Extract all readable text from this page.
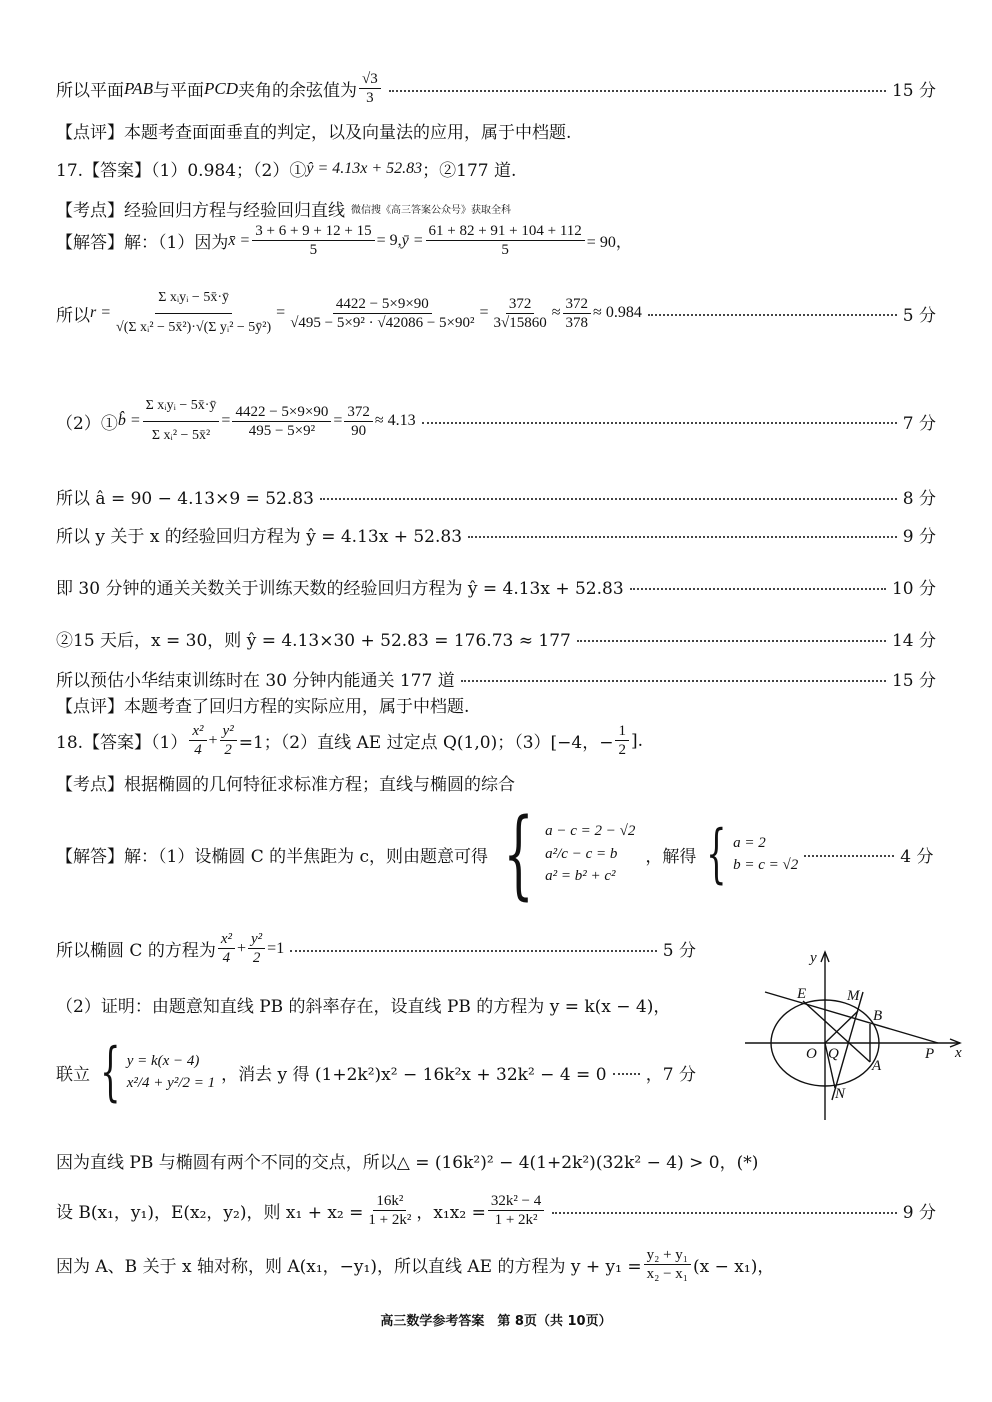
所以平面 PAB 与平面 PCD 夹角的余弦值为 $\frac{√3}{3}$	15 分
【点评】本题考查面面垂直的判定，以及向量法的应用，属于中档题.
17.【答案】（1）0.984；（2）① ŷ = 4.13x + 52.83 ；②177 道.
【考点】经验回归方程与经验回归直线 微信搜《高三答案公众号》获取全科
【解答】解：（1）因为 x̄ = $\frac{3 + 6 + 9 + 12 + 15}{5} = 9$, ȳ = $\frac{61 + 82 + 91 + 104 + 112}{5} = 90$，
所以 $r = \frac{\text{Σ xᵢyᵢ − 5x̄·ȳ}}{\text{√(Σ xᵢ² − 5x̄²)·√(Σ yᵢ² − 5ȳ²)}} = \frac{4422 - 5\times 9\times 90}{\text{√495 − 5×9² · √42086 − 5×90²}} = \frac{372}{3√15860} \approx \frac{372}{378} \approx 0.984$	5 分
（2）① b̂ = $\frac{\text{Σ xᵢyᵢ − 5x̄·ȳ}}{\text{Σ xᵢ² − 5x̄²}} = \frac{4422 - 5\times 9\times 90}{\text{495 − 5×9²}} = \frac{372}{90} \approx 4.13$	7 分
所以 â = 90 − 4.13×9 = 52.83	8 分
所以 y 关于 x 的经验回归方程为 ŷ = 4.13x + 52.83	9 分
即 30 分钟的通关关数关于训练天数的经验回归方程为 ŷ = 4.13x + 52.83	10 分
②15 天后，x = 30，则 ŷ = 4.13×30 + 52.83 = 176.73 ≈ 177	14 分
所以预估小华结束训练时在 30 分钟内能通关 177 道	15 分
【点评】本题考查了回归方程的实际应用，属于中档题.
18.【答案】$(1) \frac{\text{x²}}{4} + \frac{\text{y²}}{2} =1$；（2）直线 AE 过定点 Q(1,0)；（3）[−4，− $\frac{1}{2}$ ].
【考点】根据椭圆的几何特征求标准方程；直线与椭圆的综合
【解答】解：（1）设椭圆 C 的半焦距为 c，则由题意可得 { a − c = 2 − √2
a²/c − c = b
a² = b² + c²
，解得 { a = 2
b = c = √2	4 分
所以椭圆 C 的方程为 $\frac{\text{x²}}{4} + \frac{\text{y²}}{2} =1$	5 分
（2）证明：由题意知直线 PB 的斜率存在，设直线 PB 的方程为 y = k(x − 4)，
联立 { y = k(x − 4)
x²/4 + y²/2 = 1 ，消去 y 得 (1+2k²)x² − 16k²x + 32k² − 4 = 0 ，7 分
因为直线 PB 与椭圆有两个不同的交点，所以△ = (16k²)² − 4(1+2k²)(32k² − 4) > 0，(*)
设 B(x₁，y₁)，E(x₂，y₂)，则 $x_1 + x_2 = \frac{\text{16k²}}{\text{1 + 2k²}}$ ，$x_1x_2 = \frac{\text{32k² − 4}}{\text{1 + 2k²}}$	9 分
因为 A、B 关于 x 轴对称，则 A(x₁，−y₁)，所以直线 AE 的方程为 $y + y_1 = \frac{\text{y₂ + y₁}}{\text{x₂ − x₁}} (x - x_1)$，
y
x
E	M
B
O Q	P
A
N
高三数学参考答案　第 8页（共 10页）
